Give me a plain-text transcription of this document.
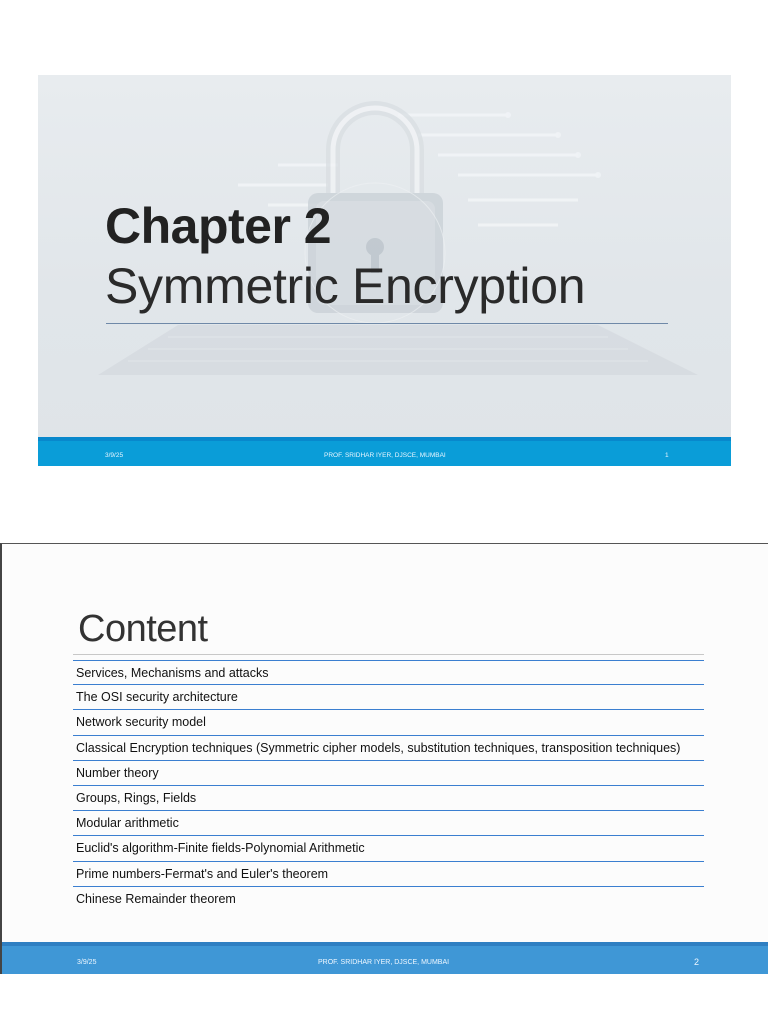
Chapter 2
Symmetric Encryption
3/9/25	PROF. SRIDHAR IYER, DJSCE, MUMBAI	1
Content
Services, Mechanisms and attacks
The OSI security architecture
Network security model
Classical Encryption techniques (Symmetric cipher models, substitution techniques, transposition techniques)
Number theory
Groups, Rings, Fields
Modular arithmetic
Euclid's algorithm-Finite fields-Polynomial Arithmetic
Prime numbers-Fermat's and Euler's theorem
Chinese Remainder theorem
3/9/25	PROF. SRIDHAR IYER, DJSCE, MUMBAI	2
